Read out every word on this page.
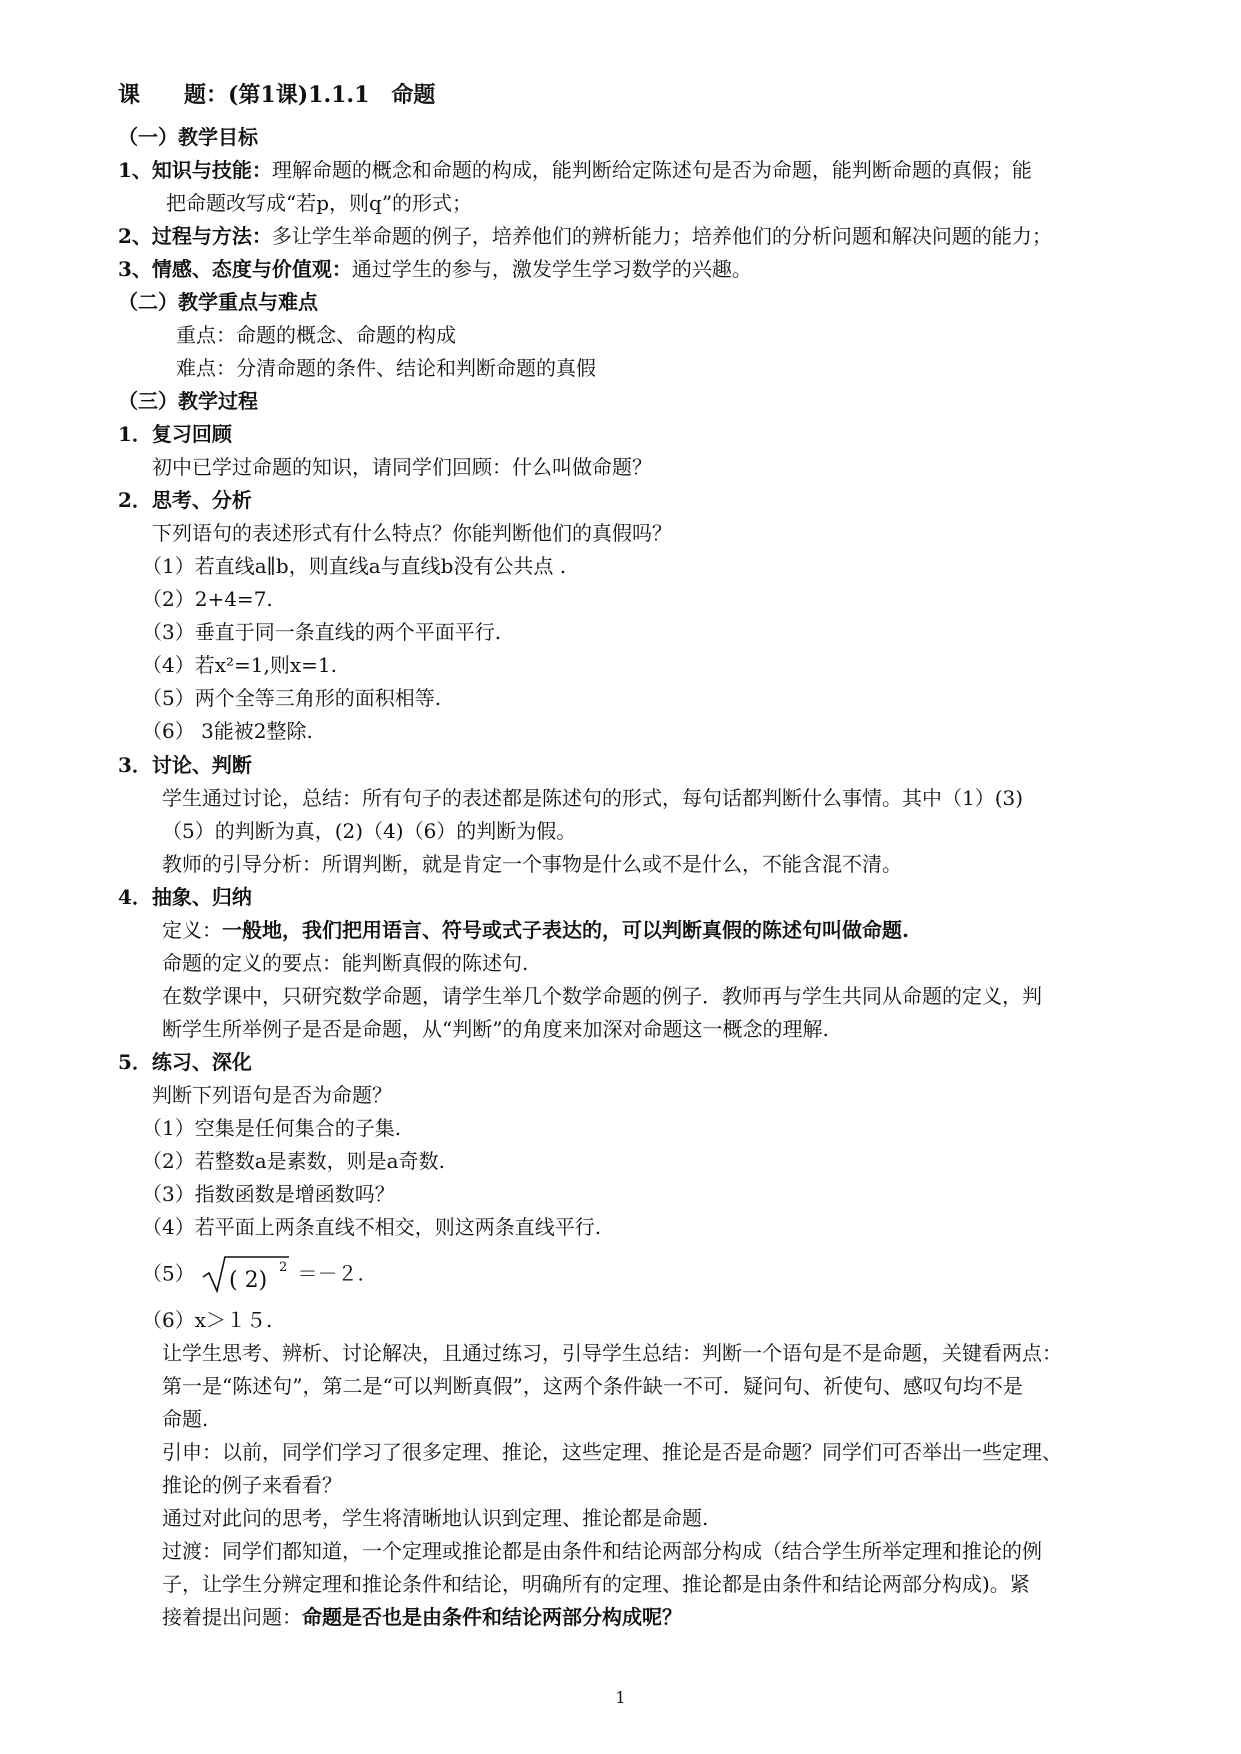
课　　题：(第1课)1.1.1　 命题
（一）教学目标
1、知识与技能：理解命题的概念和命题的构成，能判断给定陈述句是否为命题，能判断命题的真假；能
把命题改写成“若p，则q”的形式；
2、过程与方法：多让学生举命题的例子，培养他们的辨析能力；培养他们的分析问题和解决问题的能力；
3、情感、态度与价值观：通过学生的参与，激发学生学习数学的兴趣。
（二）教学重点与难点
重点：命题的概念、命题的构成
难点：分清命题的条件、结论和判断命题的真假
（三）教学过程
1．复习回顾
初中已学过命题的知识，请同学们回顾：什么叫做命题？
2．思考、分析
下列语句的表述形式有什么特点？你能判断他们的真假吗？
（1）若直线a∥b，则直线a与直线b没有公共点 .
（2）2+4=7.
（3）垂直于同一条直线的两个平面平行.
（4）若x²=1,则x=1.
（5）两个全等三角形的面积相等.
（6） 3能被2整除.
3．讨论、判断
学生通过讨论，总结：所有句子的表述都是陈述句的形式，每句话都判断什么事情。其中（1）(3)
（5）的判断为真，(2)（4)（6）的判断为假。
教师的引导分析：所谓判断，就是肯定一个事物是什么或不是什么，不能含混不清。
4．抽象、归纳
定义：一般地，我们把用语言、符号或式子表达的，可以判断真假的陈述句叫做命题.
命题的定义的要点：能判断真假的陈述句.
在数学课中，只研究数学命题，请学生举几个数学命题的例子．教师再与学生共同从命题的定义，判
断学生所举例子是否是命题，从“判断”的角度来加深对命题这一概念的理解.
5．练习、深化
判断下列语句是否为命题？
（1）空集是任何集合的子集.
（2）若整数a是素数，则是a奇数.
（3）指数函数是增函数吗？
（4）若平面上两条直线不相交，则这两条直线平行.
（5） ( 2)
2 ＝－２.
（6）x＞１５.
让学生思考、辨析、讨论解决，且通过练习，引导学生总结：判断一个语句是不是命题，关键看两点：
第一是“陈述句”，第二是“可以判断真假”，这两个条件缺一不可．疑问句、祈使句、感叹句均不是
命题.
引申：以前，同学们学习了很多定理、推论，这些定理、推论是否是命题？同学们可否举出一些定理、
推论的例子来看看？
通过对此问的思考，学生将清晰地认识到定理、推论都是命题.
过渡：同学们都知道，一个定理或推论都是由条件和结论两部分构成（结合学生所举定理和推论的例
子，让学生分辨定理和推论条件和结论，明确所有的定理、推论都是由条件和结论两部分构成)。紧
接着提出问题：命题是否也是由条件和结论两部分构成呢？
1
